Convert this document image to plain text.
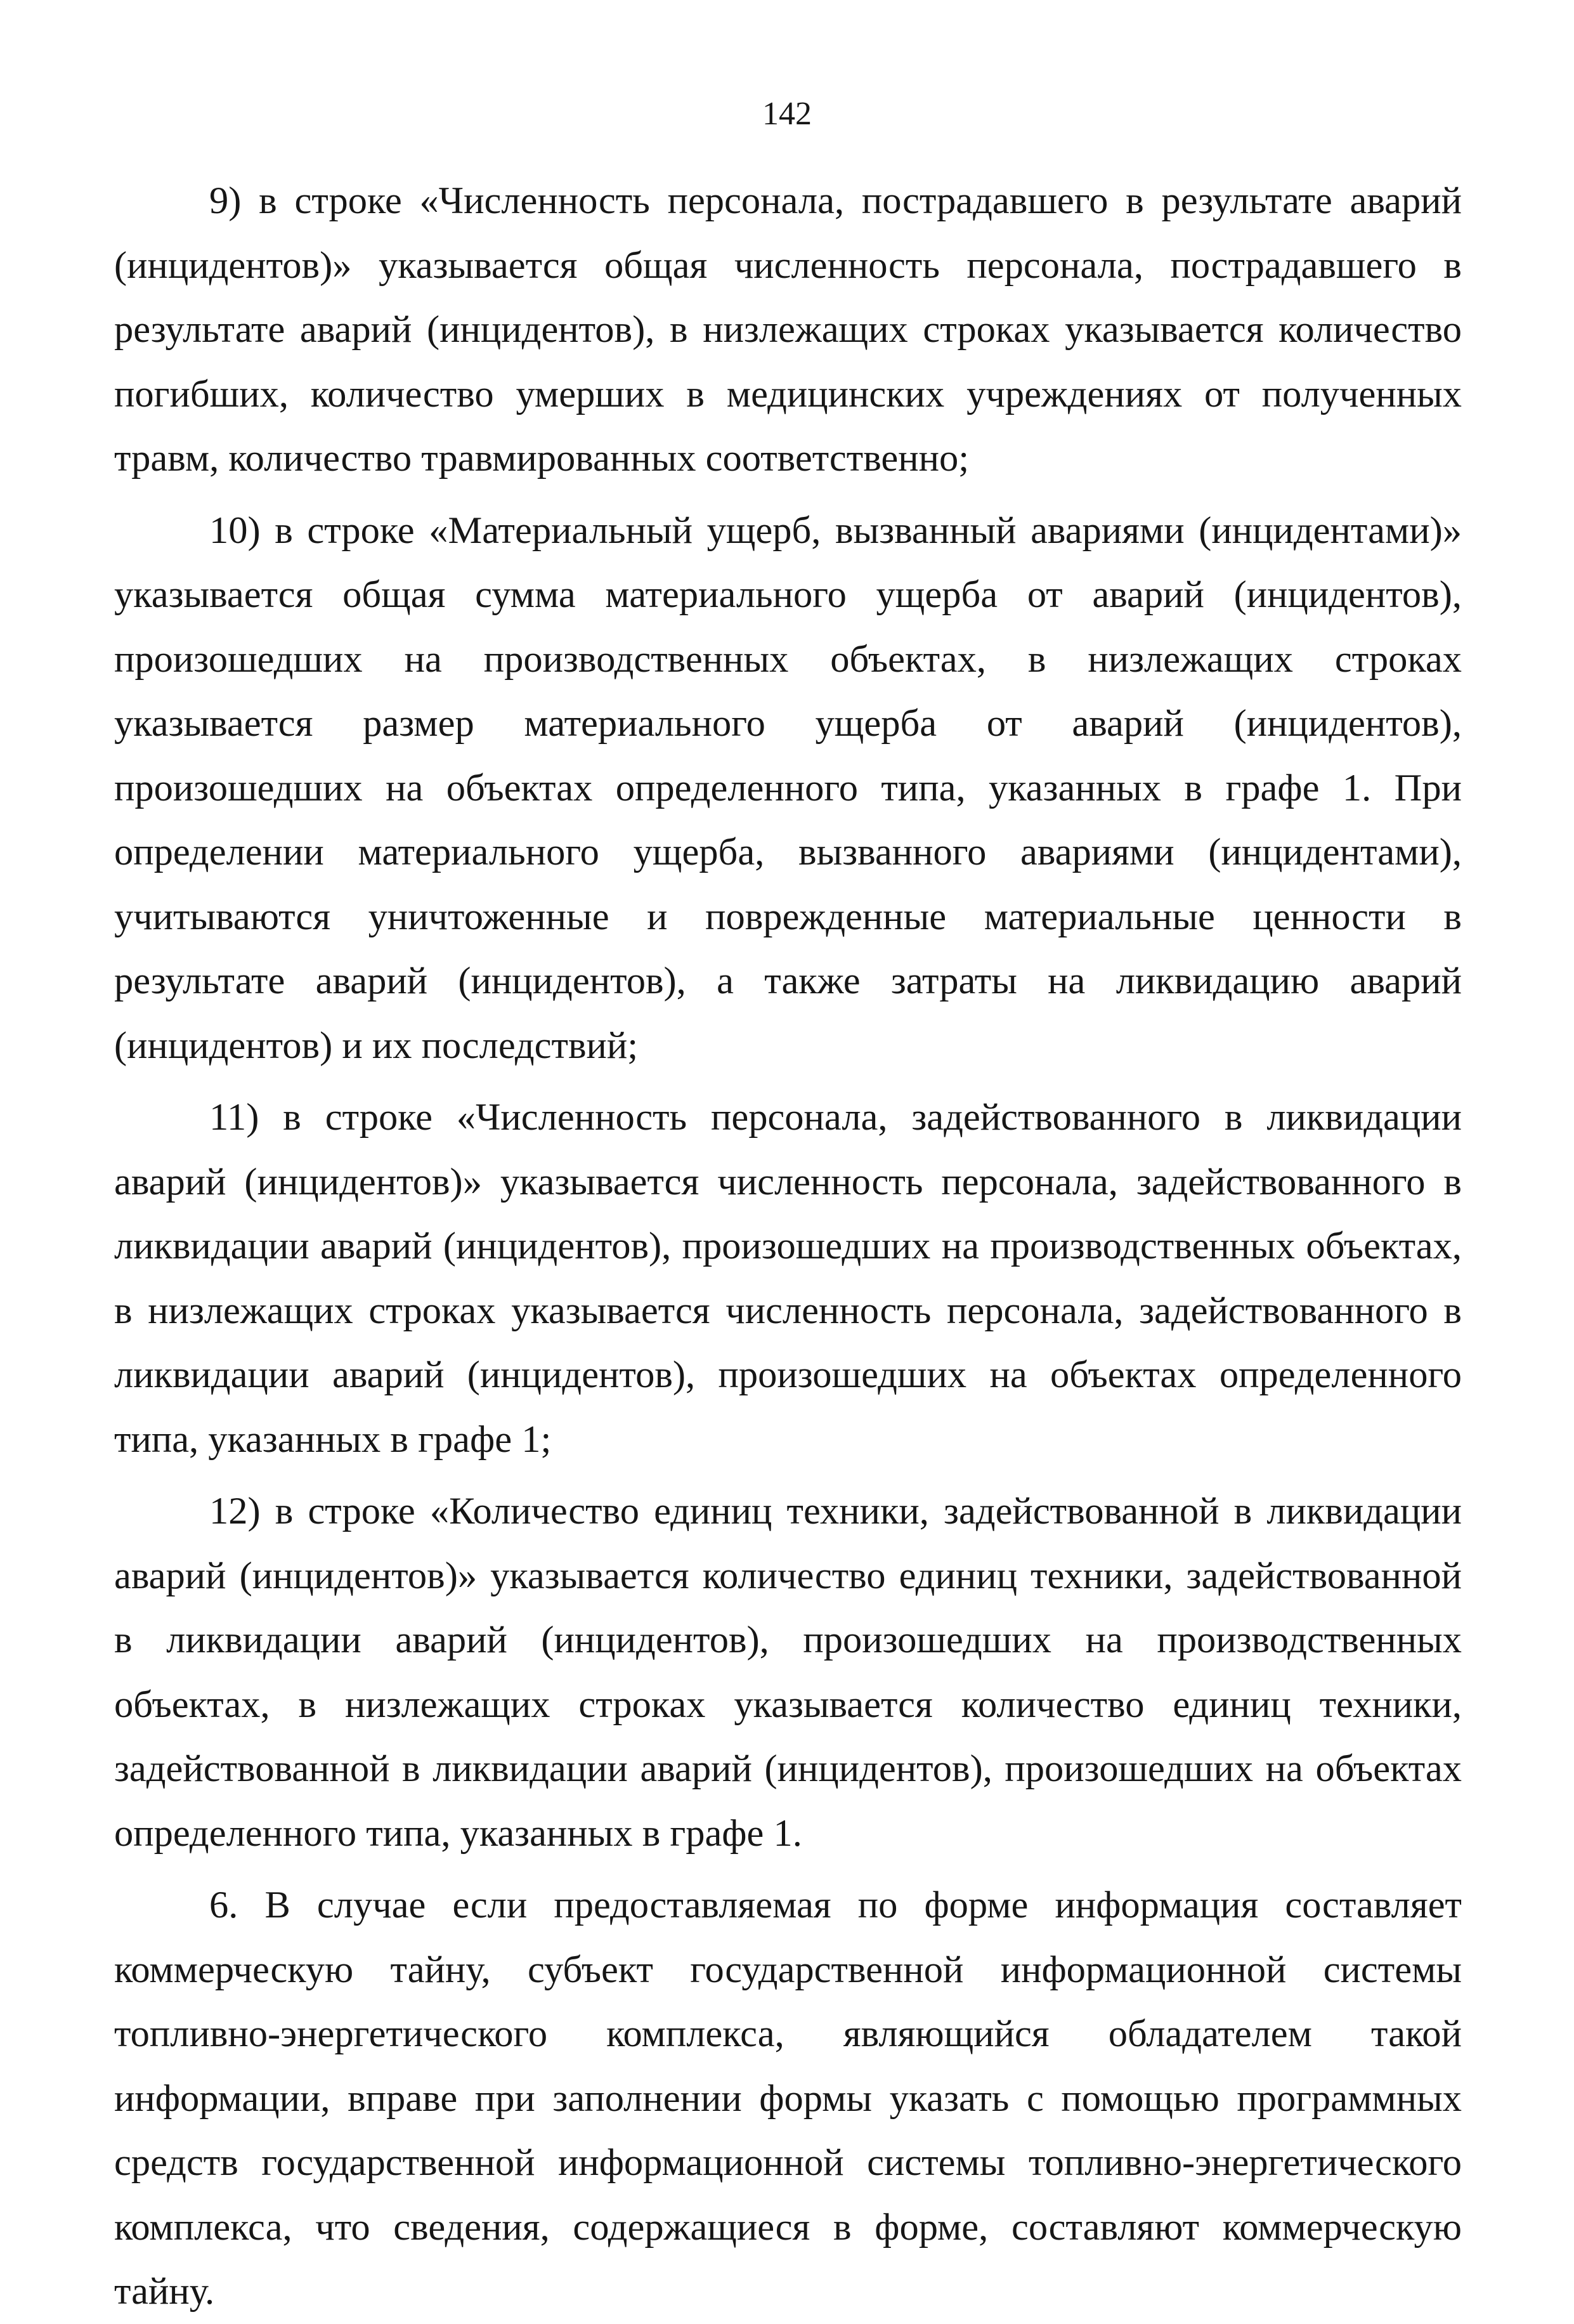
142

9) в строке «Численность персонала, пострадавшего в результате аварий (инцидентов)» указывается общая численность персонала, пострадавшего в результате аварий (инцидентов), в низлежащих строках указывается количество погибших, количество умерших в медицинских учреждениях от полученных травм, количество травмированных соответственно;

10) в строке «Материальный ущерб, вызванный авариями (инцидентами)» указывается общая сумма материального ущерба от аварий (инцидентов), произошедших на производственных объектах, в низлежащих строках указывается размер материального ущерба от аварий (инцидентов), произошедших на объектах определенного типа, указанных в графе 1. При определении материального ущерба, вызванного авариями (инцидентами), учитываются уничтоженные и поврежденные материальные ценности в результате аварий (инцидентов), а также затраты на ликвидацию аварий (инцидентов) и их последствий;

11) в строке «Численность персонала, задействованного в ликвидации аварий (инцидентов)» указывается численность персонала, задействованного в ликвидации аварий (инцидентов), произошедших на производственных объектах, в низлежащих строках указывается численность персонала, задействованного в ликвидации аварий (инцидентов), произошедших на объектах определенного типа, указанных в графе 1;

12) в строке «Количество единиц техники, задействованной в ликвидации аварий (инцидентов)» указывается количество единиц техники, задействованной в ликвидации аварий (инцидентов), произошедших на производственных объектах, в низлежащих строках указывается количество единиц техники, задействованной в ликвидации аварий (инцидентов), произошедших на объектах определенного типа, указанных в графе 1.

6. В случае если предоставляемая по форме информация составляет коммерческую тайну, субъект государственной информационной системы топливно-энергетического комплекса, являющийся обладателем такой информации, вправе при заполнении формы указать с помощью программных средств государственной информационной системы топливно-энергетического комплекса, что сведения, содержащиеся в форме, составляют коммерческую тайну.
